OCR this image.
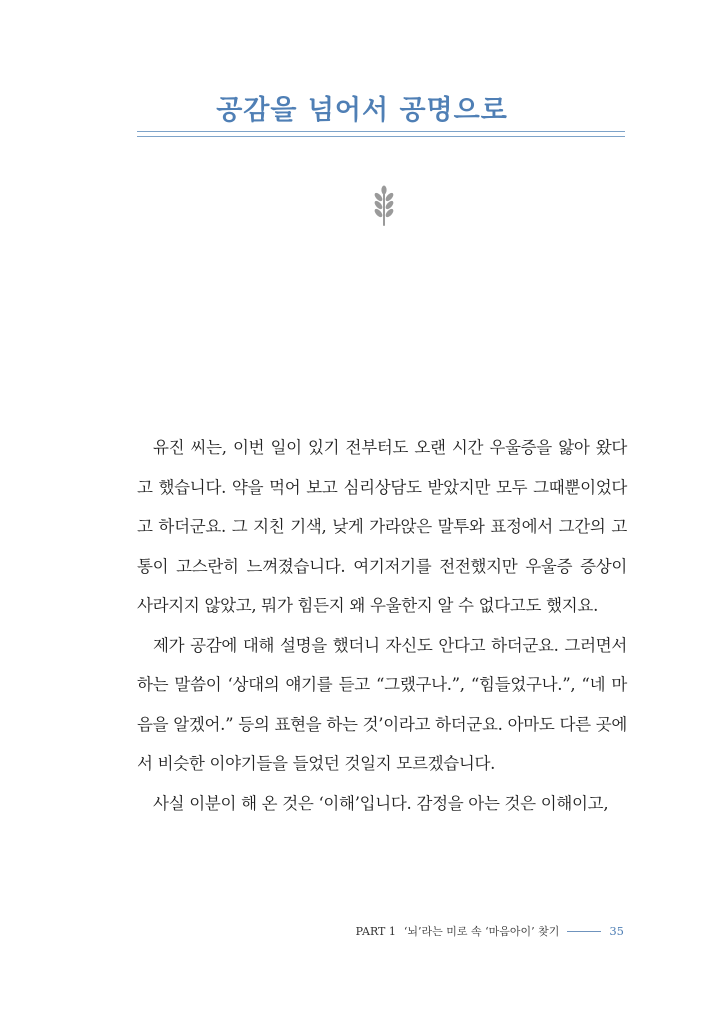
공감을 넘어서 공명으로

유진 씨는, 이번 일이 있기 전부터도 오랜 시간 우울증을 앓아 왔다고 했습니다. 약을 먹어 보고 심리상담도 받았지만 모두 그때뿐이었다고 하더군요. 그 지친 기색, 낮게 가라앉은 말투와 표정에서 그간의 고통이 고스란히 느껴졌습니다. 여기저기를 전전했지만 우울증 증상이 사라지지 않았고, 뭐가 힘든지 왜 우울한지 알 수 없다고도 했지요.

제가 공감에 대해 설명을 했더니 자신도 안다고 하더군요. 그러면서 하는 말씀이 ‘상대의 얘기를 듣고 “그랬구나.”, “힘들었구나.”, “네 마음을 알겠어.” 등의 표현을 하는 것’이라고 하더군요. 아마도 다른 곳에서 비슷한 이야기들을 들었던 것일지 모르겠습니다.

사실 이분이 해 온 것은 ‘이해’입니다. 감정을 아는 것은 이해이고,

PART 1 ‘뇌’라는 미로 속 ‘마음아이’ 찾기	35
